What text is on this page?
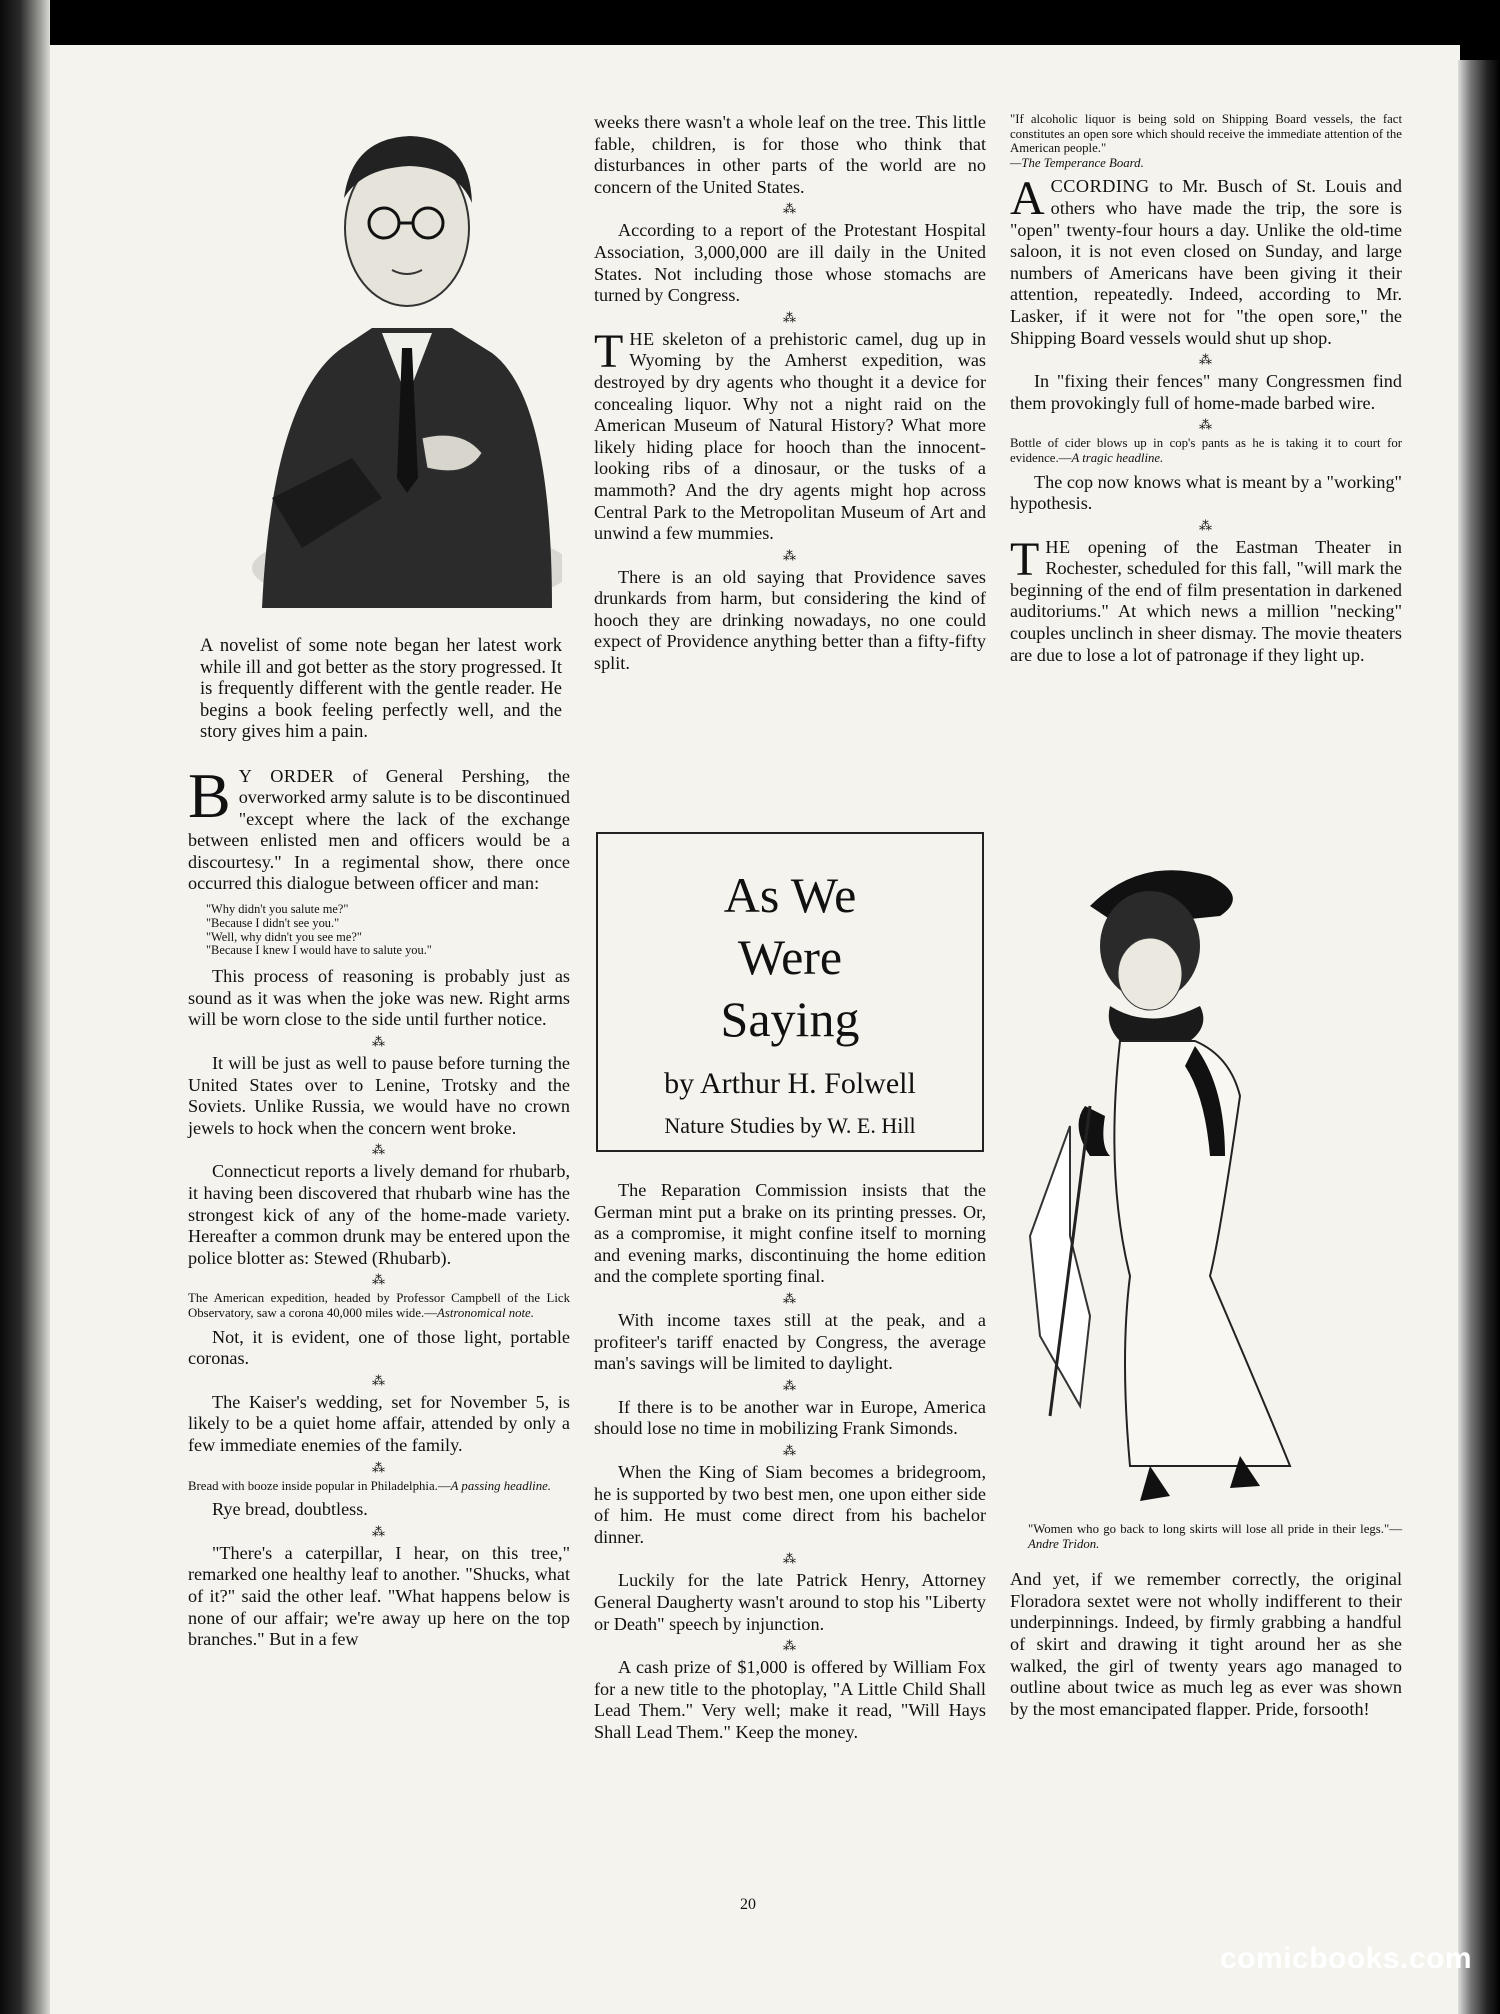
A novelist of some note began her latest work while ill and got better as the story progressed. It is frequently different with the gentle reader. He begins a book feeling perfectly well, and the story gives him a pain.

B Y ORDER of General Pershing, the overworked army salute is to be discontinued "except where the lack of the exchange between enlisted men and officers would be a discourtesy." In a regimental show, there once occurred this dialogue between officer and man:

"Why didn't you salute me?"
"Because I didn't see you."
"Well, why didn't you see me?"
"Because I knew I would have to salute you."

This process of reasoning is probably just as sound as it was when the joke was new. Right arms will be worn close to the side until further notice.

⁂

It will be just as well to pause before turning the United States over to Lenine, Trotsky and the Soviets. Unlike Russia, we would have no crown jewels to hock when the concern went broke.

⁂

Connecticut reports a lively demand for rhubarb, it having been discovered that rhubarb wine has the strongest kick of any of the home-made variety. Hereafter a common drunk may be entered upon the police blotter as: Stewed (Rhubarb).

⁂

The American expedition, headed by Professor Campbell of the Lick Observatory, saw a corona 40,000 miles wide.—Astronomical note.

Not, it is evident, one of those light, portable coronas.

⁂

The Kaiser's wedding, set for November 5, is likely to be a quiet home affair, attended by only a few immediate enemies of the family.

⁂

Bread with booze inside popular in Philadelphia.—A passing headline.

Rye bread, doubtless.

⁂

"There's a caterpillar, I hear, on this tree," remarked one healthy leaf to another. "Shucks, what of it?" said the other leaf. "What happens below is none of our affair; we're away up here on the top branches." But in a few

weeks there wasn't a whole leaf on the tree. This little fable, children, is for those who think that disturbances in other parts of the world are no concern of the United States.

⁂

According to a report of the Protestant Hospital Association, 3,000,000 are ill daily in the United States. Not including those whose stomachs are turned by Congress.

⁂

THE skeleton of a prehistoric camel, dug up in Wyoming by the Amherst expedition, was destroyed by dry agents who thought it a device for concealing liquor. Why not a night raid on the American Museum of Natural History? What more likely hiding place for hooch than the innocent-looking ribs of a dinosaur, or the tusks of a mammoth? And the dry agents might hop across Central Park to the Metropolitan Museum of Art and unwind a few mummies.

⁂

There is an old saying that Providence saves drunkards from harm, but considering the kind of hooch they are drinking nowadays, no one could expect of Providence anything better than a fifty-fifty split.

As We
Were
Saying
by Arthur H. Folwell
Nature Studies by W. E. Hill

The Reparation Commission insists that the German mint put a brake on its printing presses. Or, as a compromise, it might confine itself to morning and evening marks, discontinuing the home edition and the complete sporting final.

⁂

With income taxes still at the peak, and a profiteer's tariff enacted by Congress, the average man's savings will be limited to daylight.

⁂

If there is to be another war in Europe, America should lose no time in mobilizing Frank Simonds.

⁂

When the King of Siam becomes a bridegroom, he is supported by two best men, one upon either side of him. He must come direct from his bachelor dinner.

⁂

Luckily for the late Patrick Henry, Attorney General Daugherty wasn't around to stop his "Liberty or Death" speech by injunction.

⁂

A cash prize of $1,000 is offered by William Fox for a new title to the photoplay, "A Little Child Shall Lead Them." Very well; make it read, "Will Hays Shall Lead Them." Keep the money.

"If alcoholic liquor is being sold on Shipping Board vessels, the fact constitutes an open sore which should receive the immediate attention of the American people."

—The Temperance Board.

ACCORDING to Mr. Busch of St. Louis and others who have made the trip, the sore is "open" twenty-four hours a day. Unlike the old-time saloon, it is not even closed on Sunday, and large numbers of Americans have been giving it their attention, repeatedly. Indeed, according to Mr. Lasker, if it were not for "the open sore," the Shipping Board vessels would shut up shop.

⁂

In "fixing their fences" many Congressmen find them provokingly full of home-made barbed wire.

⁂

Bottle of cider blows up in cop's pants as he is taking it to court for evidence.—A tragic headline.

The cop now knows what is meant by a "working" hypothesis.

⁂

THE opening of the Eastman Theater in Rochester, scheduled for this fall, "will mark the beginning of the end of film presentation in darkened auditoriums." At which news a million "necking" couples unclinch in sheer dismay. The movie theaters are due to lose a lot of patronage if they light up.

"Women who go back to long skirts will lose all pride in their legs."—Andre Tridon.

And yet, if we remember correctly, the original Floradora sextet were not wholly indifferent to their underpinnings. Indeed, by firmly grabbing a handful of skirt and drawing it tight around her as she walked, the girl of twenty years ago managed to outline about twice as much leg as ever was shown by the most emancipated flapper. Pride, forsooth!

20
comicbooks.com
